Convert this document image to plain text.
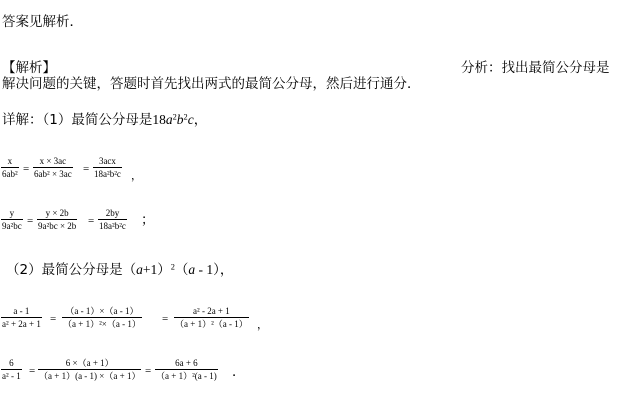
答案见解析．
【解析】	分析：找出最简公分母是
解决问题的关键，答题时首先找出两式的最简公分母，然后进行通分．
详解：（1）最简公分母是$18a^2b^2c$，
x
6ab² =
x × 3ac
6ab² × 3ac =
3acx
18a²b²c ，
y
9a²bc =
y × 2b
9a²bc × 2b =
2by
18a²b²c ；
（2）最简公分母是$(a+1)^2(a - 1)$，
a - 1
a² + 2a + 1 =
（a - 1）×（a - 1）
（a + 1）²×（a - 1） =
a² - 2a + 1
（a + 1）²（a - 1） ，
6
a² - 1 =
6 ×（a + 1）
（a + 1）(a - 1) ×（a + 1） =
6a + 6
（a + 1）²(a - 1) ．
